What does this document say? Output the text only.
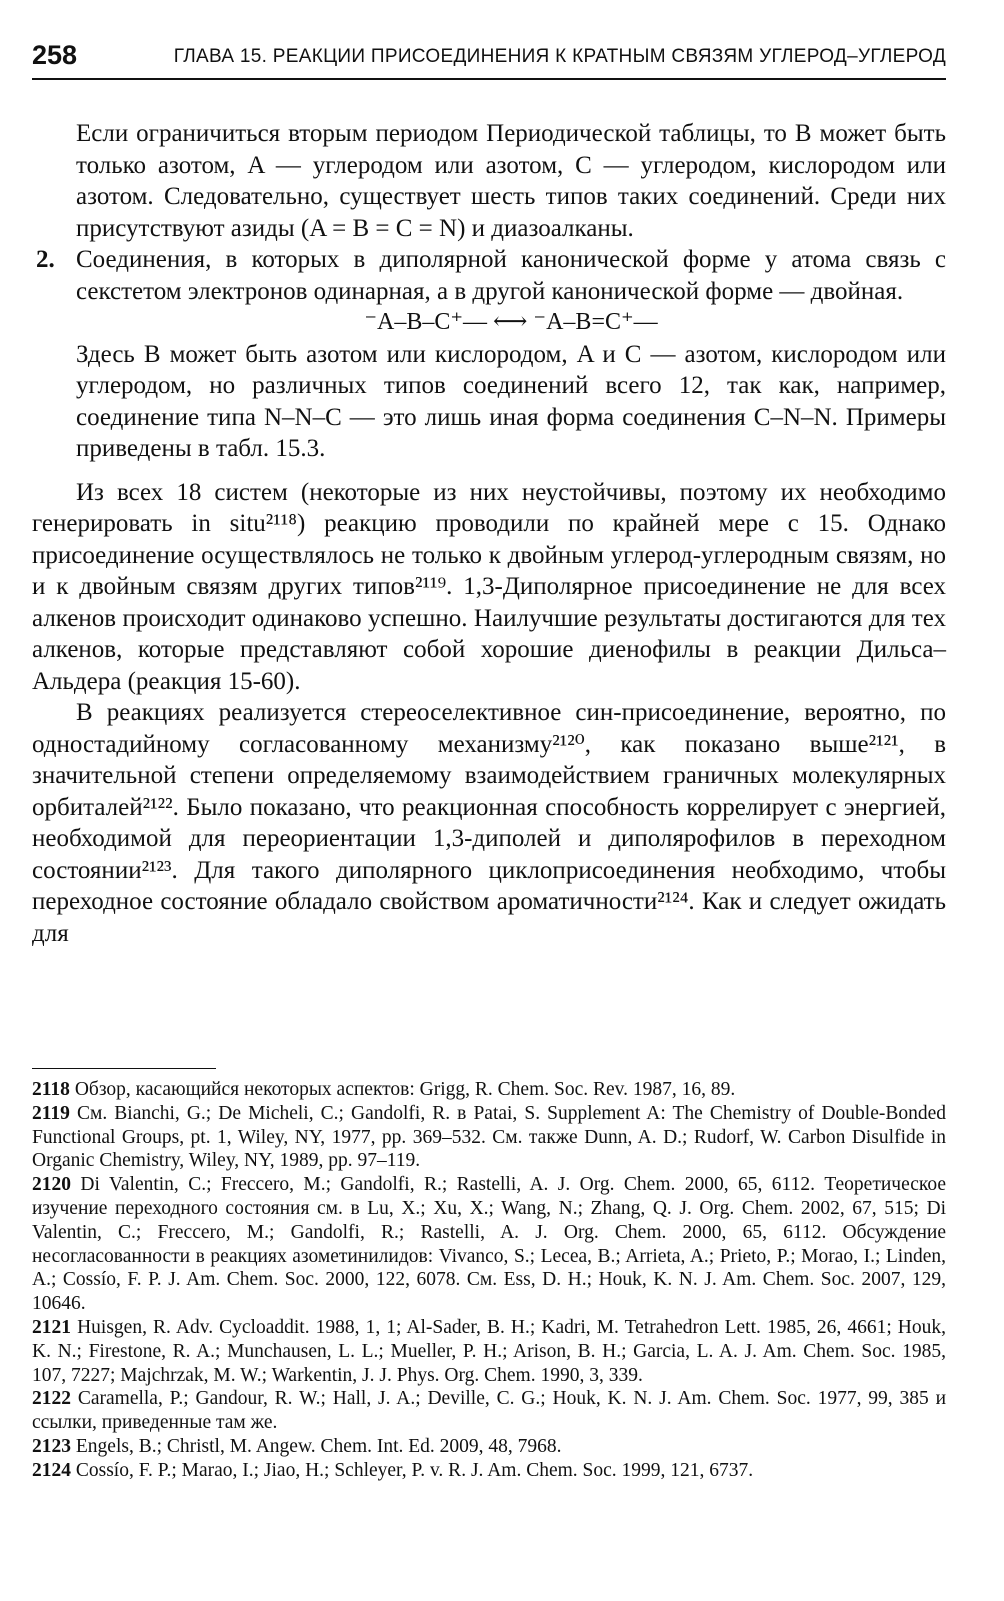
258	ГЛАВА 15. РЕАКЦИИ ПРИСОЕДИНЕНИЯ К КРАТНЫМ СВЯЗЯМ УГЛЕРОД–УГЛЕРОД

Если ограничиться вторым периодом Периодической таблицы, то B может быть только азотом, A — углеродом или азотом, C — углеродом, кислородом или азотом. Следовательно, существует шесть типов таких соединений. Среди них присутствуют азиды (A = B = C = N) и диазоалканы.

2. Соединения, в которых в диполярной канонической форме у атома связь с секстетом электронов одинарная, а в другой канонической форме — двойная.

⁻A–B–C⁺— ⟷ ⁻A–B=C⁺—

Здесь B может быть азотом или кислородом, A и C — азотом, кислородом или углеродом, но различных типов соединений всего 12, так как, например, соединение типа N–N–C — это лишь иная форма соединения C–N–N. Примеры приведены в табл. 15.3.

Из всех 18 систем (некоторые из них неустойчивы, поэтому их необходимо генерировать in situ²¹¹⁸) реакцию проводили по крайней мере с 15. Однако присоединение осуществлялось не только к двойным углерод-углеродным связям, но и к двойным связям других типов²¹¹⁹. 1,3-Диполярное присоединение не для всех алкенов происходит одинаково успешно. Наилучшие результаты достигаются для тех алкенов, которые представляют собой хорошие диенофилы в реакции Дильса–Альдера (реакция 15-60).

В реакциях реализуется стереоселективное син-присоединение, вероятно, по одностадийному согласованному механизму²¹²⁰, как показано выше²¹²¹, в значительной степени определяемому взаимодействием граничных молекулярных орбиталей²¹²². Было показано, что реакционная способность коррелирует с энергией, необходимой для переориентации 1,3-диполей и диполярофилов в переходном состоянии²¹²³. Для такого диполярного циклоприсоединения необходимо, чтобы переходное состояние обладало свойством ароматичности²¹²⁴. Как и следует ожидать для

2118 Обзор, касающийся некоторых аспектов: Grigg, R. Chem. Soc. Rev. 1987, 16, 89.

2119 См. Bianchi, G.; De Micheli, C.; Gandolfi, R. в Patai, S. Supplement A: The Chemistry of Double-Bonded Functional Groups, pt. 1, Wiley, NY, 1977, pp. 369–532. См. также Dunn, A. D.; Rudorf, W. Carbon Disulfide in Organic Chemistry, Wiley, NY, 1989, pp. 97–119.

2120 Di Valentin, C.; Freccero, M.; Gandolfi, R.; Rastelli, A. J. Org. Chem. 2000, 65, 6112. Теоретическое изучение переходного состояния см. в Lu, X.; Xu, X.; Wang, N.; Zhang, Q. J. Org. Chem. 2002, 67, 515; Di Valentin, C.; Freccero, M.; Gandolfi, R.; Rastelli, A. J. Org. Chem. 2000, 65, 6112. Обсуждение несогласованности в реакциях азометинилидов: Vivanco, S.; Lecea, B.; Arrieta, A.; Prieto, P.; Morao, I.; Linden, A.; Cossío, F. P. J. Am. Chem. Soc. 2000, 122, 6078. См. Ess, D. H.; Houk, K. N. J. Am. Chem. Soc. 2007, 129, 10646.

2121 Huisgen, R. Adv. Cycloaddit. 1988, 1, 1; Al-Sader, B. H.; Kadri, M. Tetrahedron Lett. 1985, 26, 4661; Houk, K. N.; Firestone, R. A.; Munchausen, L. L.; Mueller, P. H.; Arison, B. H.; Garcia, L. A. J. Am. Chem. Soc. 1985, 107, 7227; Majchrzak, M. W.; Warkentin, J. J. Phys. Org. Chem. 1990, 3, 339.

2122 Caramella, P.; Gandour, R. W.; Hall, J. A.; Deville, C. G.; Houk, K. N. J. Am. Chem. Soc. 1977, 99, 385 и ссылки, приведенные там же.

2123 Engels, B.; Christl, M. Angew. Chem. Int. Ed. 2009, 48, 7968.

2124 Cossío, F. P.; Marao, I.; Jiao, H.; Schleyer, P. v. R. J. Am. Chem. Soc. 1999, 121, 6737.
